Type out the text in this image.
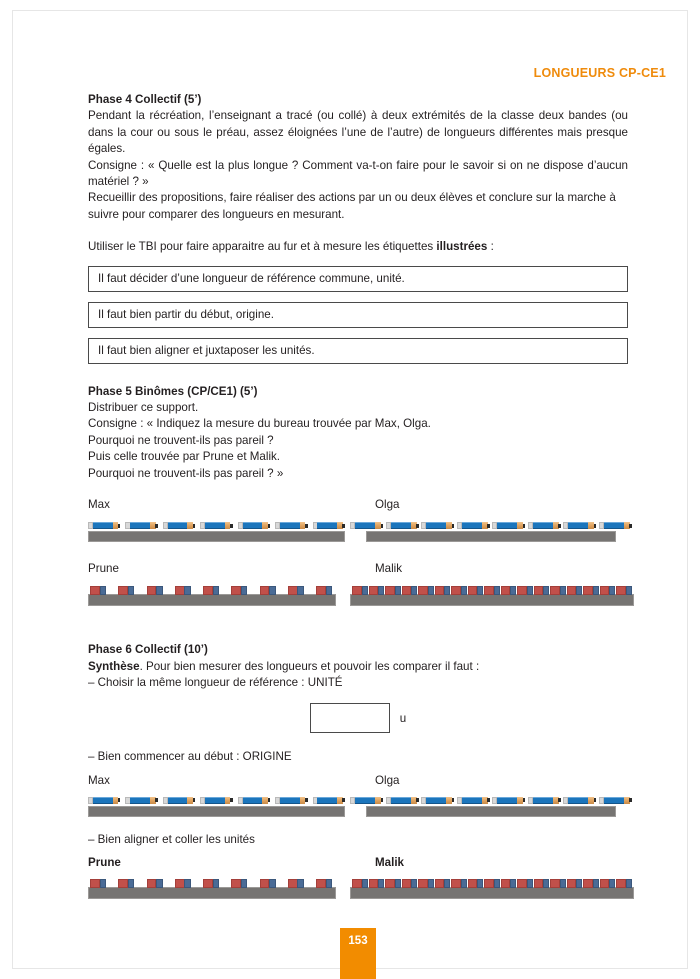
LONGUEURS CP-CE1
Phase 4 Collectif (5’)
Pendant la récréation, l’enseignant a tracé (ou collé) à deux extrémités de la classe deux bandes (ou dans la cour ou sous le préau, assez éloignées l’une de l’autre) de longueurs différentes mais presque égales.
Consigne : « Quelle est la plus longue ? Comment va-t-on faire pour le savoir si on ne dispose d’aucun matériel ? »
Recueillir des propositions, faire réaliser des actions par un ou deux élèves et conclure sur la marche à suivre pour comparer des longueurs en mesurant.
Utiliser le TBI pour faire apparaitre au fur et à mesure les étiquettes illustrées :
Il faut décider d’une longueur de référence commune, unité.
Il faut bien partir du début, origine.
Il faut bien aligner et juxtaposer les unités.
Phase 5 Binômes (CP/CE1) (5’)
Distribuer ce support.
Consigne : « Indiquez la mesure du bureau trouvée par Max, Olga.
Pourquoi ne trouvent-ils pas pareil ?
Puis celle trouvée par Prune et Malik.
Pourquoi ne trouvent-ils pas pareil ? »
Max	Olga
Prune	Malik
Phase 6 Collectif (10’)
Synthèse. Pour bien mesurer des longueurs et pouvoir les comparer il faut :
– Choisir la même longueur de référence : UNITÉ
u
– Bien commencer au début : ORIGINE
Max	Olga
– Bien aligner et coller les unités
Prune	Malik
153
